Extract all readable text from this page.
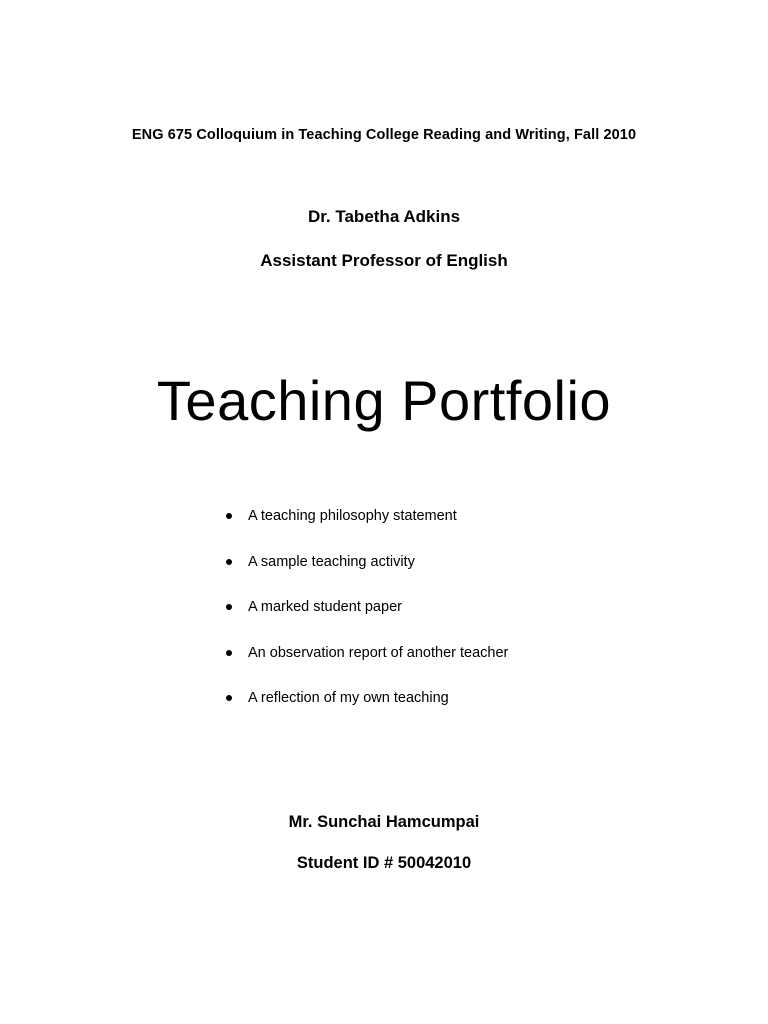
ENG 675 Colloquium in Teaching College Reading and Writing, Fall 2010
Dr. Tabetha Adkins
Assistant Professor of English
Teaching Portfolio
A teaching philosophy statement
A sample teaching activity
A marked student paper
An observation report of another teacher
A reflection of my own teaching
Mr. Sunchai Hamcumpai
Student ID # 50042010
